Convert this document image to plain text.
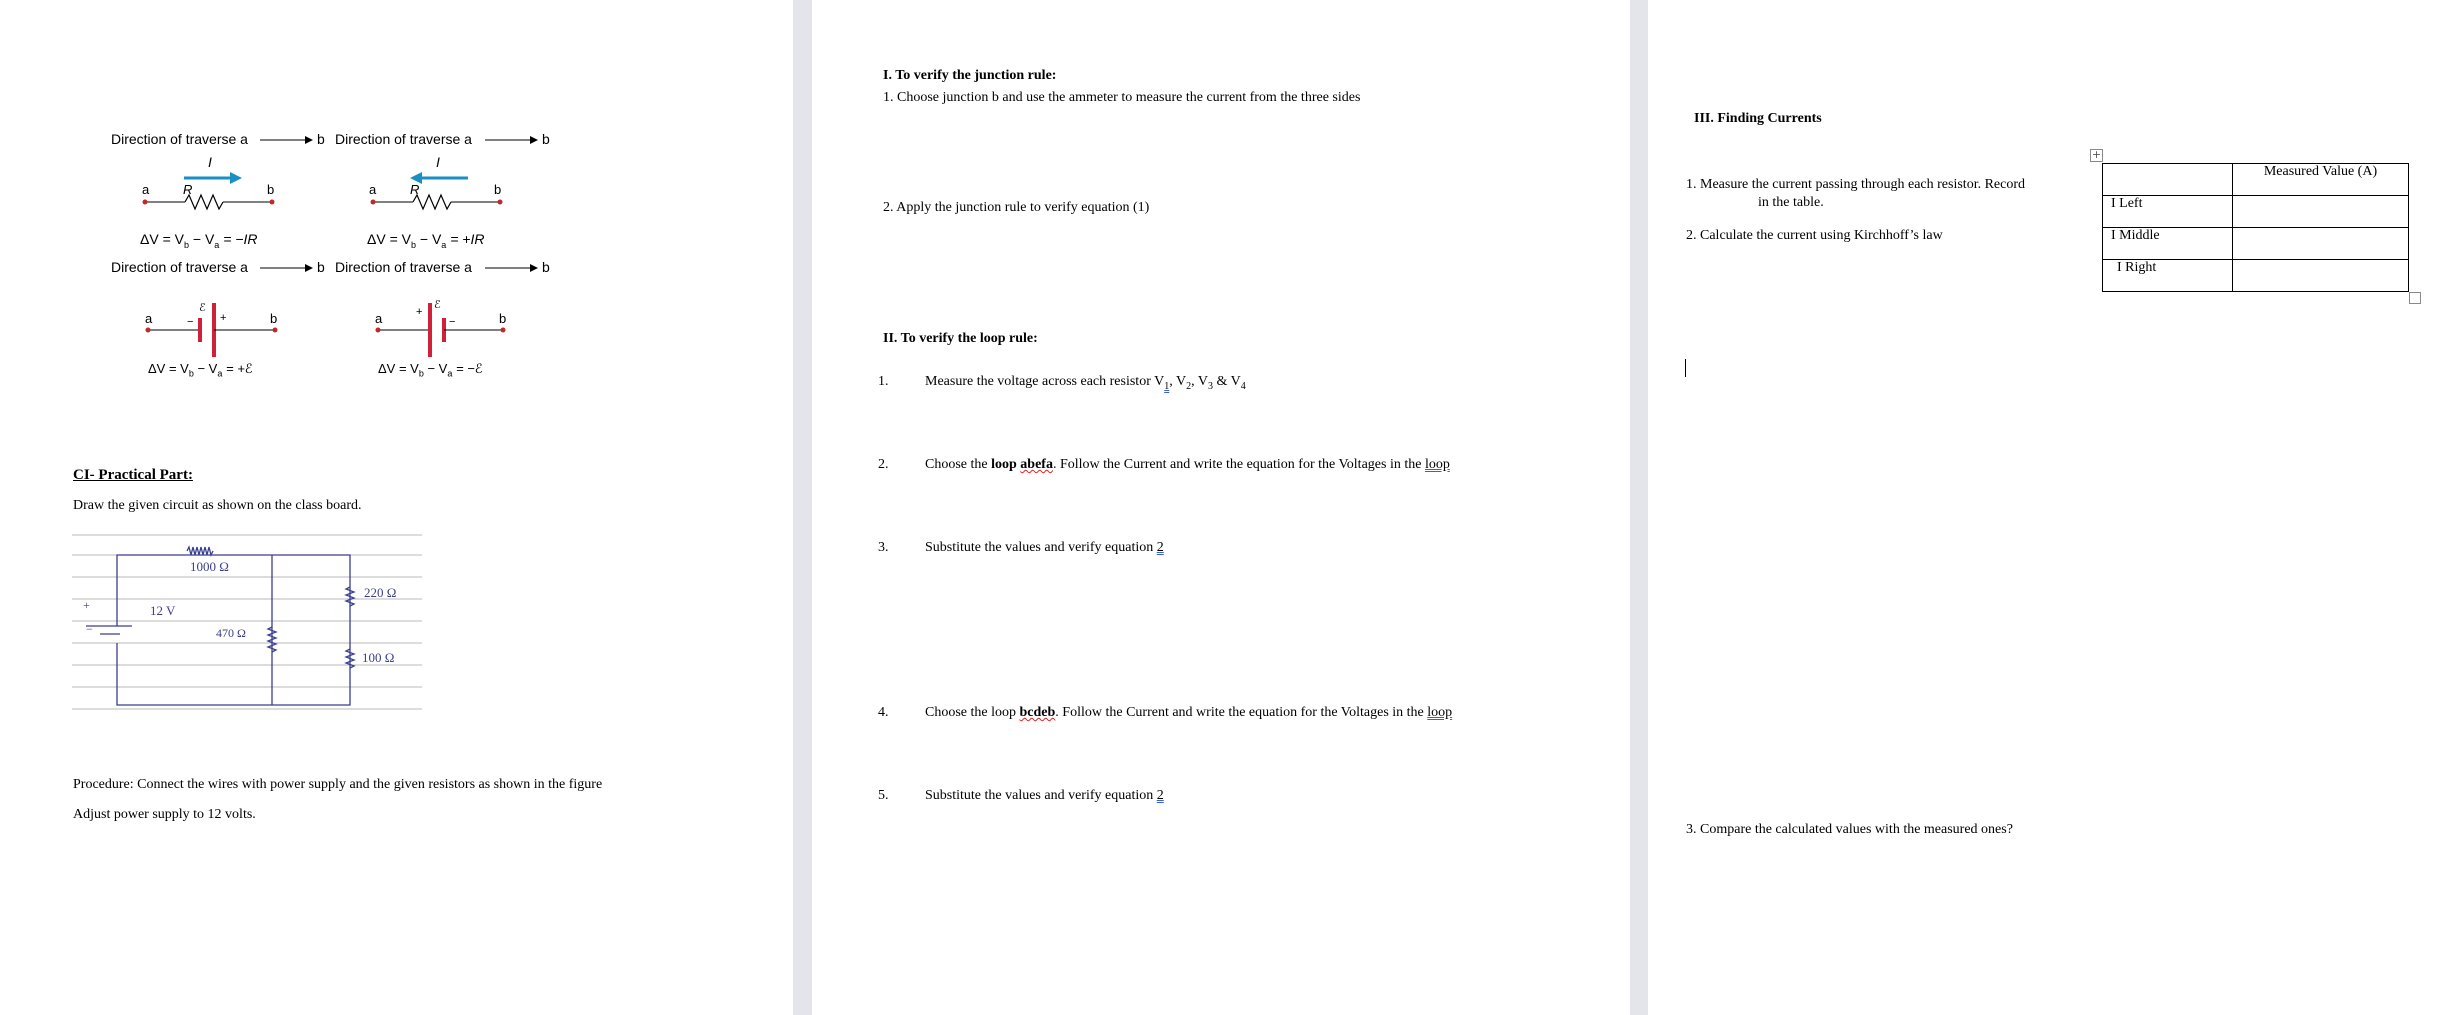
Direction of traverse a	b Direction of traverse a	b
Direction of traverse a	b Direction of traverse a	b
I	I
a	R	b	a	R	b
$\Delta V = V_b - V_a = -IR$	$\Delta V = V_b - V_a = +IR$
ℰ
− +
a	b
ℰ
+
−
a	b
$\Delta V = V_b - V_a$ = +ℰ	$\Delta V = V_b - V_a$ = −ℰ
CI- Practical Part:
Draw the given circuit as shown on the class board.
1000 Ω
12 V
470 Ω
220 Ω
100 Ω
+
−
Procedure: Connect the wires with power supply and the given resistors as shown in the figure
Adjust power supply to 12 volts.
I. To verify the junction rule:
1. Choose junction b and use the ammeter to measure the current from the three sides
2. Apply the junction rule to verify equation (1)
II. To verify the loop rule:
1.	Measure the voltage across each resistor $V_1$, $V_2$, $V_3$ & $V_4$
2.	Choose the loop abefa. Follow the Current and write the equation for the Voltages in the loop
3.	Substitute the values and verify equation 2
4.	Choose the loop bcdeb. Follow the Current and write the equation for the Voltages in the loop
5.	Substitute the values and verify equation 2
III. Finding Currents
1. Measure the current passing through each resistor. Record
in the table.
2. Calculate the current using Kirchhoff’s law
3. Compare the calculated values with the measured ones?
+
	Measured Value (A)
I Left	
I Middle	
I Right	
